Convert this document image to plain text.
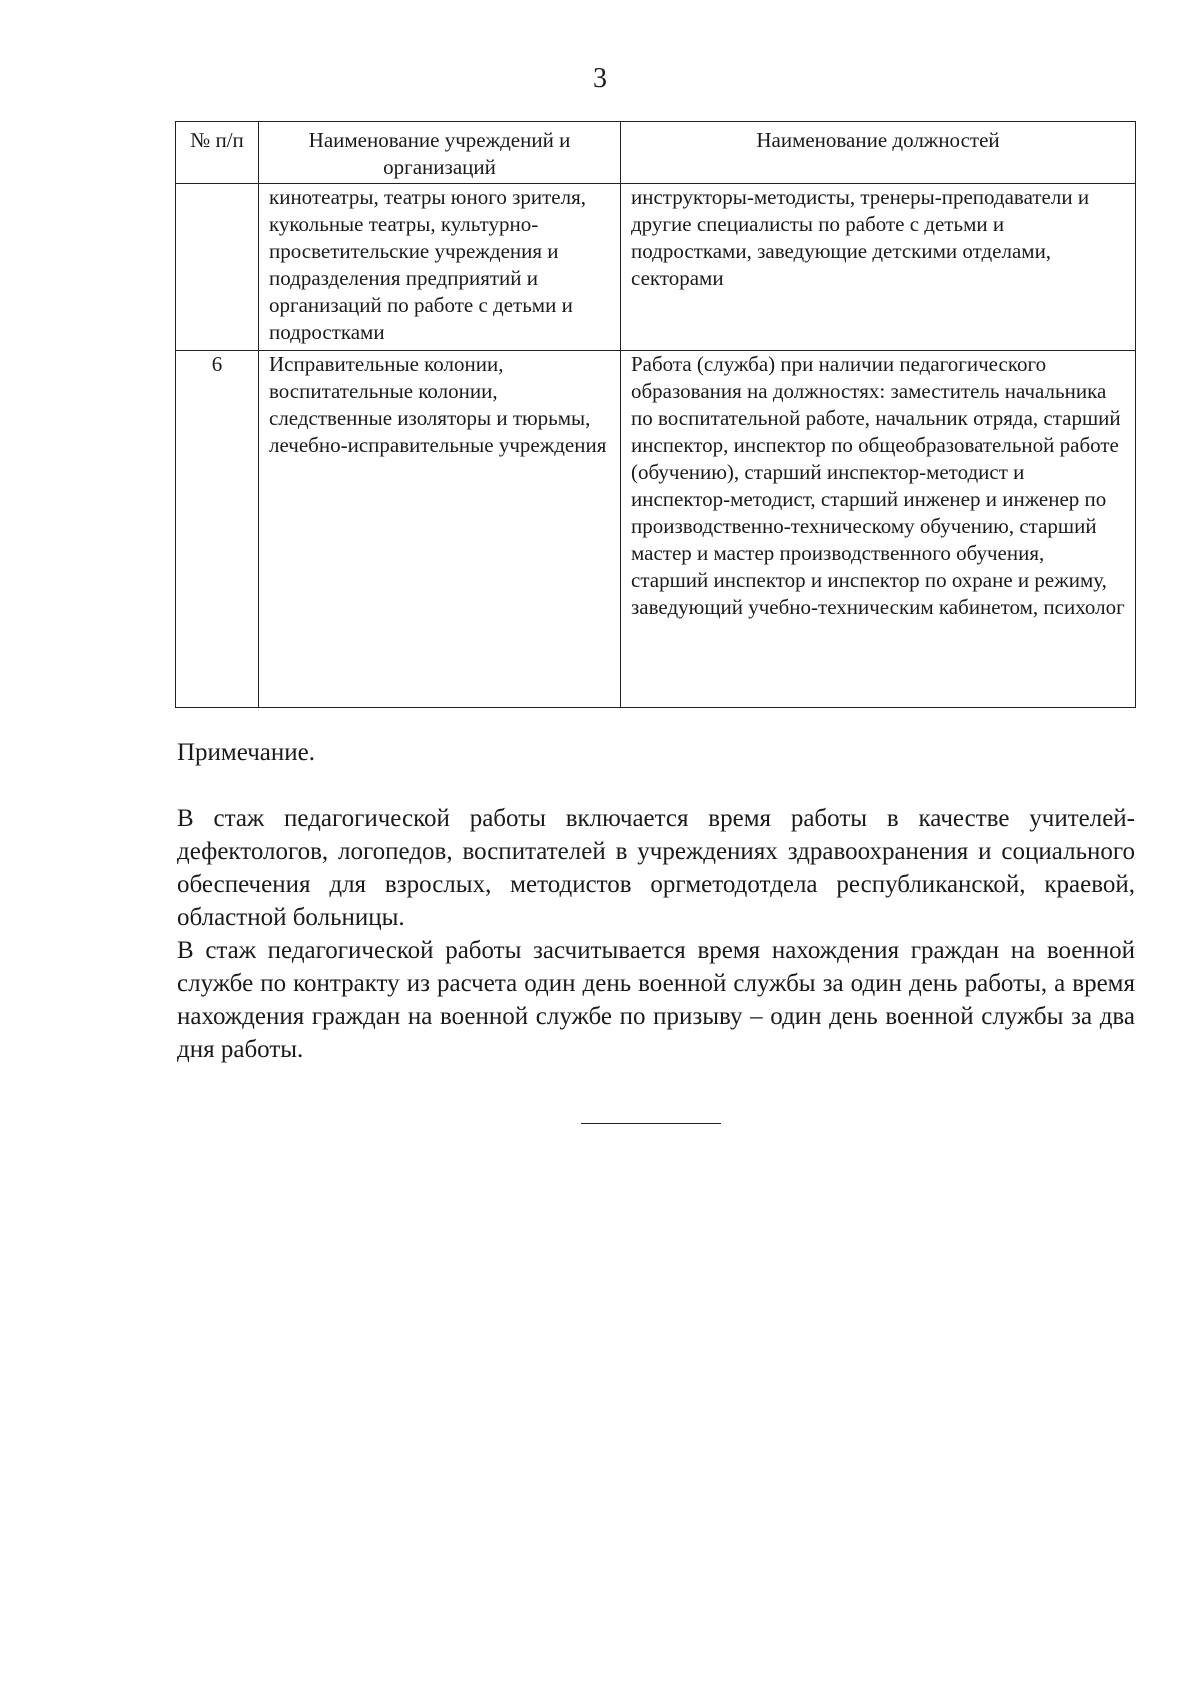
3
№ п/п	Наименование учреждений и организаций	Наименование должностей
	кинотеатры, театры юного зрителя, кукольные театры, культурно-просветительские учреждения и подразделения предприятий и организаций по работе с детьми и подростками	инструкторы-методисты, тренеры-преподаватели и другие специалисты по работе с детьми и подростками, заведующие детскими отделами, секторами
6	Исправительные колонии, воспитательные колонии, следственные изоляторы и тюрьмы, лечебно-исправительные учреждения	Работа (служба) при наличии педагогического образования на должностях: заместитель начальника по воспитательной работе, начальник отряда, старший инспектор, инспектор по общеобразовательной работе (обучению), старший инспектор-методист и инспектор-методист, старший инженер и инженер по производственно-техническому обучению, старший мастер и мастер производственного обучения, старший инспектор и инспектор по охране и режиму, заведующий учебно-техническим кабинетом, психолог
Примечание.

В стаж педагогической работы включается время работы в качестве учителей-дефектологов, логопедов, воспитателей в учреждениях здравоохранения и социального обеспечения для взрослых, методистов оргметодотдела республиканской, краевой, областной больницы.

В стаж педагогической работы засчитывается время нахождения граждан на военной службе по контракту из расчета один день военной службы за один день работы, а время нахождения граждан на военной службе по призыву – один день военной службы за два дня работы.
